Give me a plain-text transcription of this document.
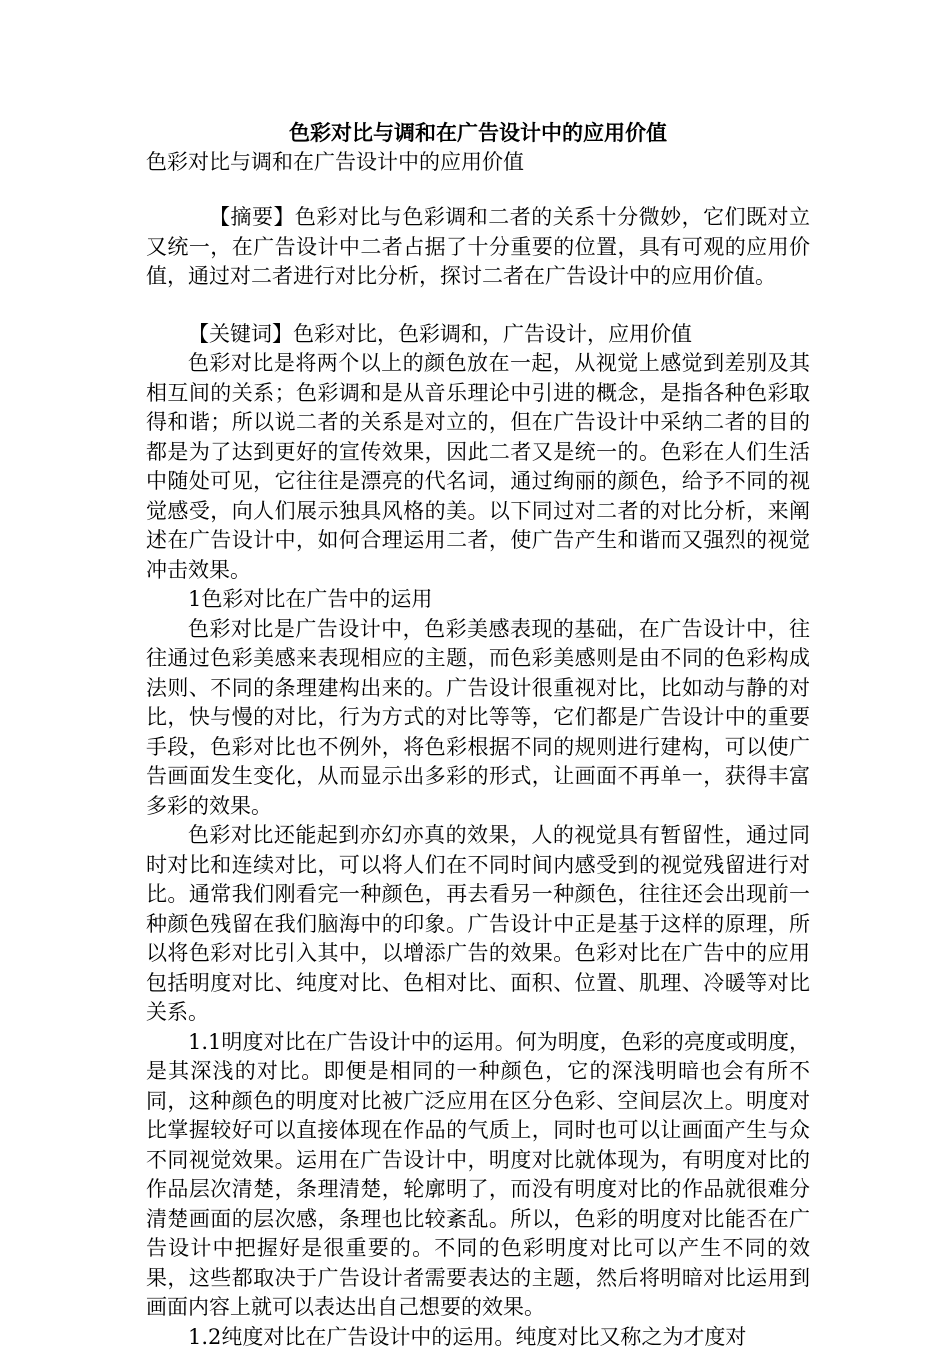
色彩对比与调和在广告设计中的应用价值
色彩对比与调和在广告设计中的应用价值

【摘要】色彩对比与色彩调和二者的关系十分微妙，它们既对立又统一，在广告设计中二者占据了十分重要的位置，具有可观的应用价值，通过对二者进行对比分析，探讨二者在广告设计中的应用价值。

【关键词】色彩对比，色彩调和，广告设计，应用价值

色彩对比是将两个以上的颜色放在一起，从视觉上感觉到差别及其相互间的关系；色彩调和是从音乐理论中引进的概念，是指各种色彩取得和谐；所以说二者的关系是对立的，但在广告设计中采纳二者的目的都是为了达到更好的宣传效果，因此二者又是统一的。色彩在人们生活中随处可见，它往往是漂亮的代名词，通过绚丽的颜色，给予不同的视觉感受，向人们展示独具风格的美。以下同过对二者的对比分析，来阐述在广告设计中，如何合理运用二者，使广告产生和谐而又强烈的视觉冲击效果。

1色彩对比在广告中的运用

色彩对比是广告设计中，色彩美感表现的基础，在广告设计中，往往通过色彩美感来表现相应的主题，而色彩美感则是由不同的色彩构成法则、不同的条理建构出来的。广告设计很重视对比，比如动与静的对比，快与慢的对比，行为方式的对比等等，它们都是广告设计中的重要手段，色彩对比也不例外，将色彩根据不同的规则进行建构，可以使广告画面发生变化，从而显示出多彩的形式，让画面不再单一，获得丰富多彩的效果。

色彩对比还能起到亦幻亦真的效果，人的视觉具有暂留性，通过同时对比和连续对比，可以将人们在不同时间内感受到的视觉残留进行对比。通常我们刚看完一种颜色，再去看另一种颜色，往往还会出现前一种颜色残留在我们脑海中的印象。广告设计中正是基于这样的原理，所以将色彩对比引入其中，以增添广告的效果。色彩对比在广告中的应用包括明度对比、纯度对比、色相对比、面积、位置、肌理、冷暖等对比关系。

1.1明度对比在广告设计中的运用。何为明度，色彩的亮度或明度，是其深浅的对比。即便是相同的一种颜色，它的深浅明暗也会有所不同，这种颜色的明度对比被广泛应用在区分色彩、空间层次上。明度对比掌握较好可以直接体现在作品的气质上，同时也可以让画面产生与众不同视觉效果。运用在广告设计中，明度对比就体现为，有明度对比的作品层次清楚，条理清楚，轮廓明了，而没有明度对比的作品就很难分清楚画面的层次感，条理也比较紊乱。所以，色彩的明度对比能否在广告设计中把握好是很重要的。不同的色彩明度对比可以产生不同的效果，这些都取决于广告设计者需要表达的主题，然后将明暗对比运用到画面内容上就可以表达出自己想要的效果。

1.2纯度对比在广告设计中的运用。纯度对比又称之为才度对
